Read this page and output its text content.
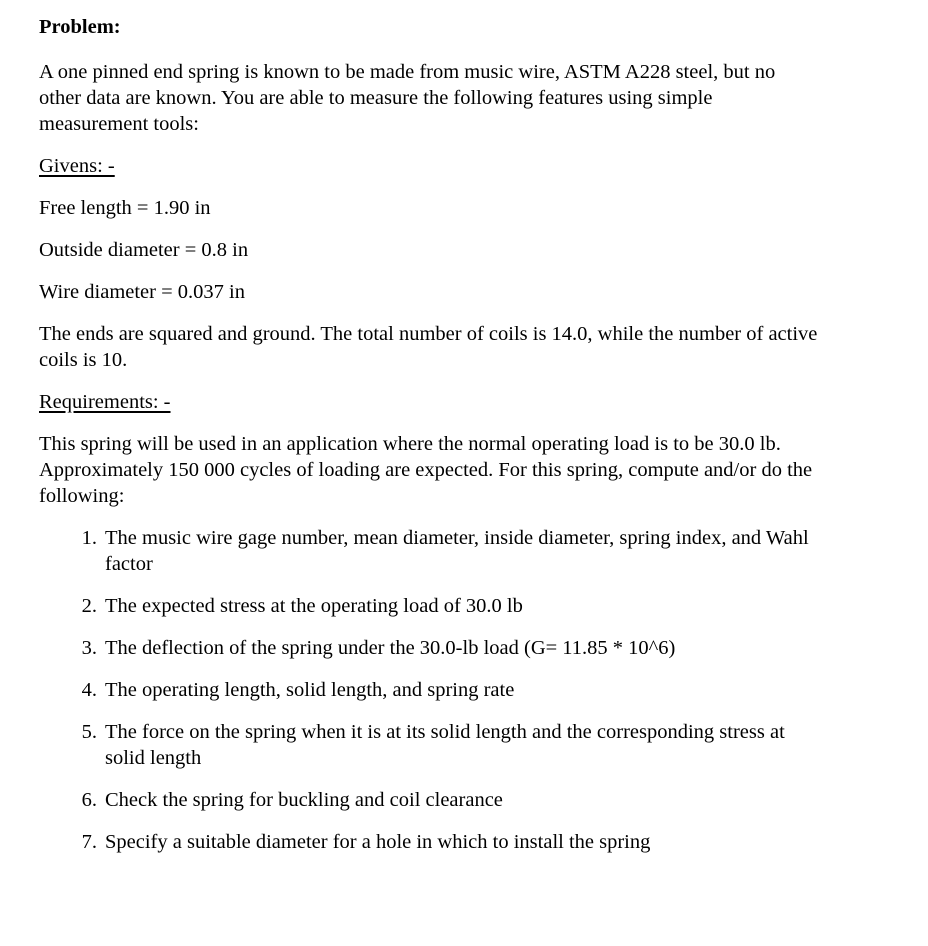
Problem:

A one pinned end spring is known to be made from music wire, ASTM A228 steel, but no
other data are known. You are able to measure the following features using simple
measurement tools:

Givens: -

Free length = 1.90 in

Outside diameter = 0.8 in

Wire diameter = 0.037 in

The ends are squared and ground. The total number of coils is 14.0, while the number of active
coils is 10.

Requirements: -

This spring will be used in an application where the normal operating load is to be 30.0 lb.
Approximately 150 000 cycles of loading are expected. For this spring, compute and/or do the
following:

1. The music wire gage number, mean diameter, inside diameter, spring index, and Wahl
factor
2. The expected stress at the operating load of 30.0 lb
3. The deflection of the spring under the 30.0-lb load (G= 11.85 * 10^6)
4. The operating length, solid length, and spring rate
5. The force on the spring when it is at its solid length and the corresponding stress at
solid length
6. Check the spring for buckling and coil clearance
7. Specify a suitable diameter for a hole in which to install the spring
